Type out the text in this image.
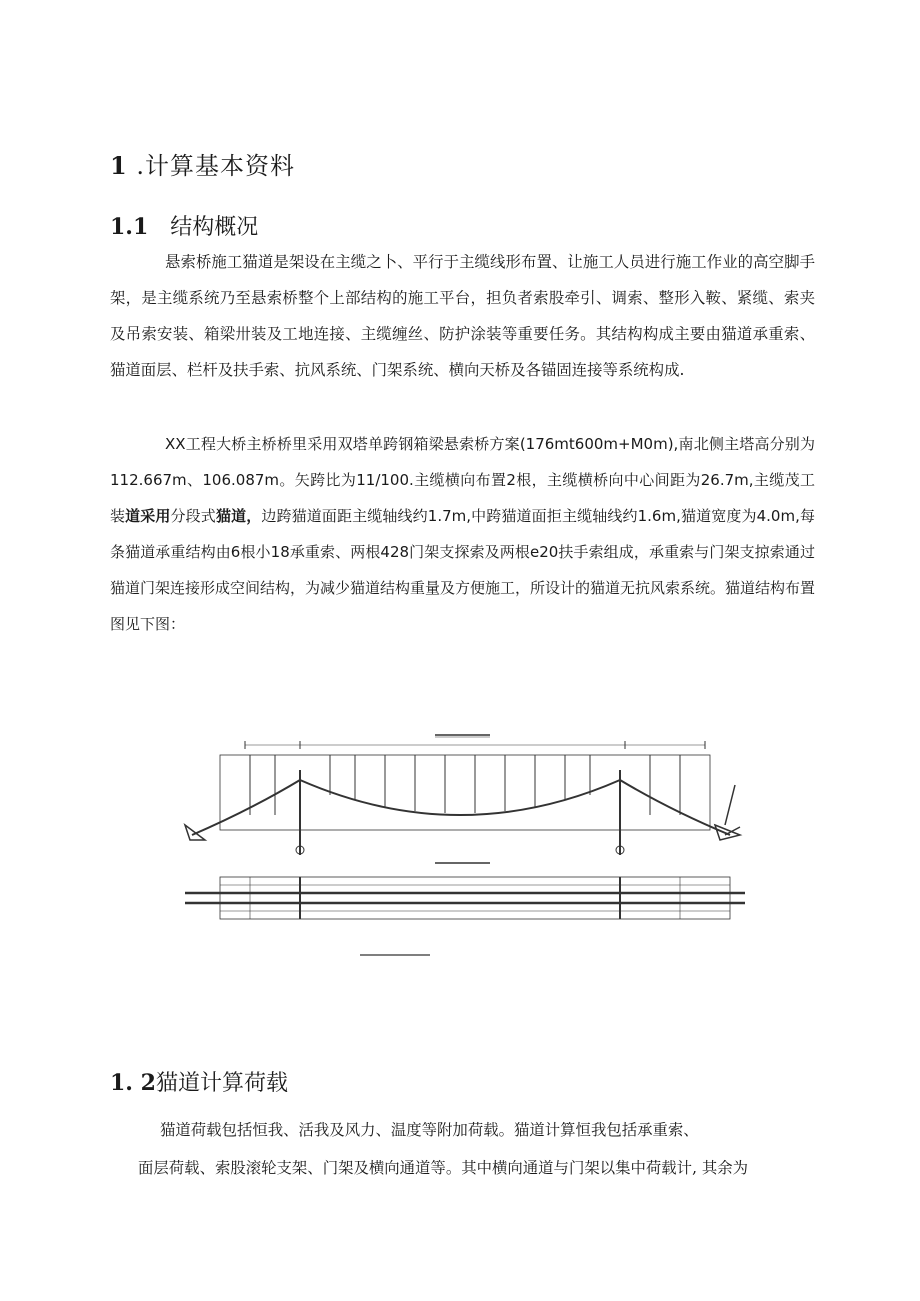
1 .计算基本资料
1.1 结构概况
悬索桥施工猫道是架设在主缆之卜、平行于主缆线形布置、让施工人员进行施工作业的高空脚手架，是主缆系统乃至悬索桥整个上部结构的施工平台，担负者索股牵引、调索、整形入鞍、紧缆、索夹及吊索安装、箱梁卅装及工地连接、主缆缠丝、防护涂装等重要任务。其结构构成主要由猫道承重索、猫道面层、栏杆及扶手索、抗风系统、门架系统、横向天桥及各锚固连接等系统构成.
XX工程大桥主桥桥里采用双塔单跨钢箱梁悬索桥方案(176mt600m+M0m),南北侧主塔高分别为112.667m、106.087m。矢跨比为11/100.主缆横向布置2根，主缆横桥向中心间距为26.7m,主缆茂工装道采用分段式猫道，边跨猫道面距主缆轴线约1.7m,中跨猫道面拒主缆轴线约1.6m,猫道宽度为4.0m,每条猫道承重结构由6根小18承重索、两根428门架支探索及两根e20扶手索组成，承重索与门架支掠索通过猫道门架连接形成空间结构，为减少猫道结构重量及方便施工，所设计的猫道无抗风索系统。猫道结构布置图见下图：
1. 2猫道计算荷载
猫道荷载包括恒我、活我及风力、温度等附加荷载。猫道计算恒我包括承重索、
面层荷载、索股滚轮支架、门架及横向通道等。其中横向通道与门架以集中荷载计, 其余为
